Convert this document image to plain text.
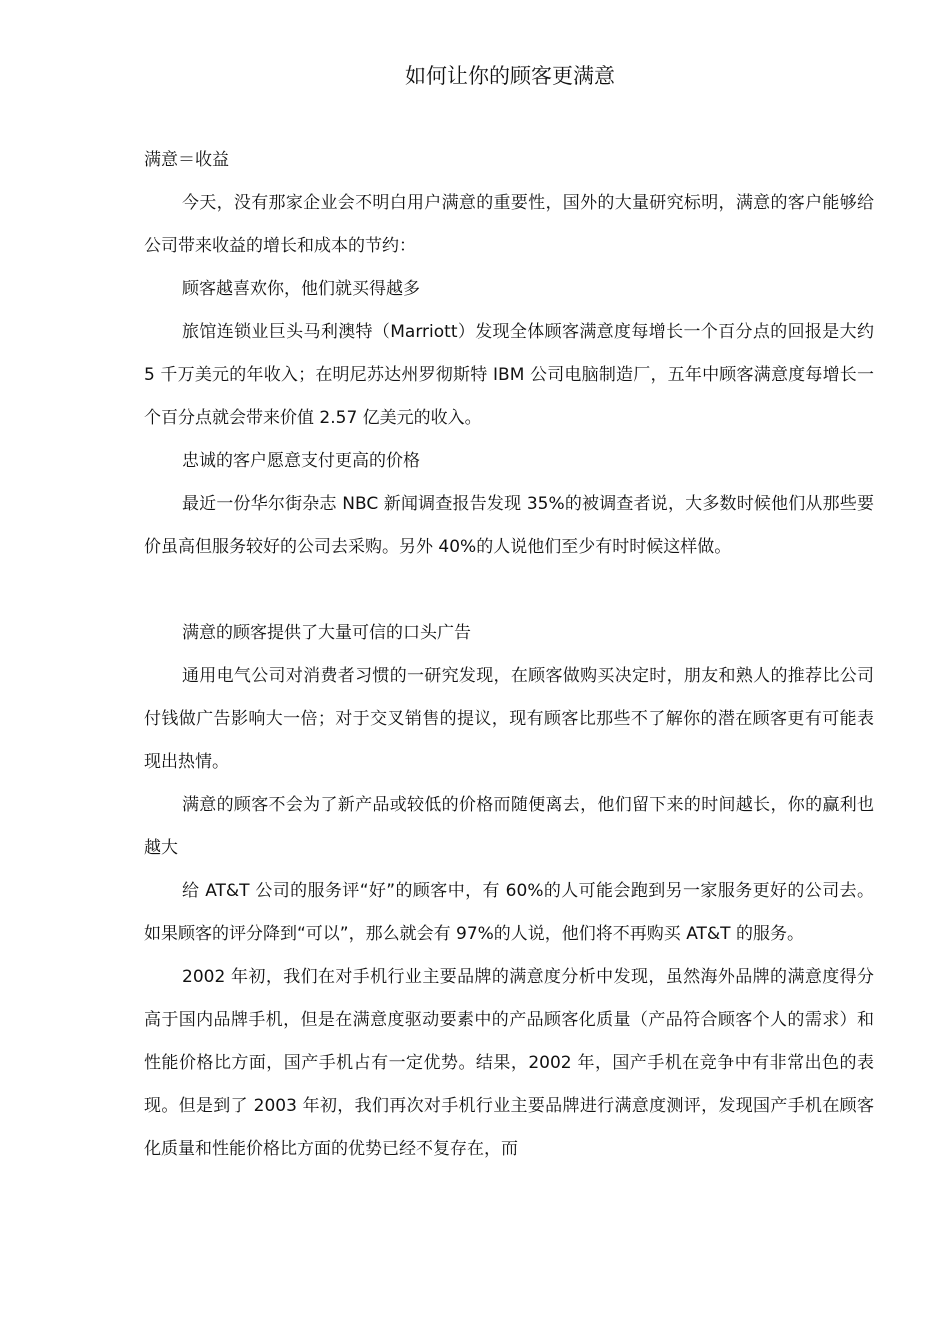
如何让你的顾客更满意

满意＝收益

今天，没有那家企业会不明白用户满意的重要性，国外的大量研究标明，满意的客户能够给公司带来收益的增长和成本的节约：

顾客越喜欢你，他们就买得越多

旅馆连锁业巨头马利澳特（Marriott）发现全体顾客满意度每增长一个百分点的回报是大约 5 千万美元的年收入；在明尼苏达州罗彻斯特 IBM 公司电脑制造厂，五年中顾客满意度每增长一个百分点就会带来价值 2.57 亿美元的收入。

忠诚的客户愿意支付更高的价格

最近一份华尔街杂志 NBC 新闻调查报告发现 35%的被调查者说，大多数时候他们从那些要价虽高但服务较好的公司去采购。另外 40%的人说他们至少有时时候这样做。

满意的顾客提供了大量可信的口头广告

通用电气公司对消费者习惯的一研究发现，在顾客做购买决定时，朋友和熟人的推荐比公司付钱做广告影响大一倍；对于交叉销售的提议，现有顾客比那些不了解你的潜在顾客更有可能表现出热情。

满意的顾客不会为了新产品或较低的价格而随便离去，他们留下来的时间越长，你的赢利也越大

给 AT&T 公司的服务评“好”的顾客中，有 60%的人可能会跑到另一家服务更好的公司去。如果顾客的评分降到“可以”，那么就会有 97%的人说，他们将不再购买 AT&T 的服务。

2002 年初，我们在对手机行业主要品牌的满意度分析中发现，虽然海外品牌的满意度得分高于国内品牌手机，但是在满意度驱动要素中的产品顾客化质量（产品符合顾客个人的需求）和性能价格比方面，国产手机占有一定优势。结果，2002 年，国产手机在竞争中有非常出色的表现。但是到了 2003 年初，我们再次对手机行业主要品牌进行满意度测评，发现国产手机在顾客化质量和性能价格比方面的优势已经不复存在，而
